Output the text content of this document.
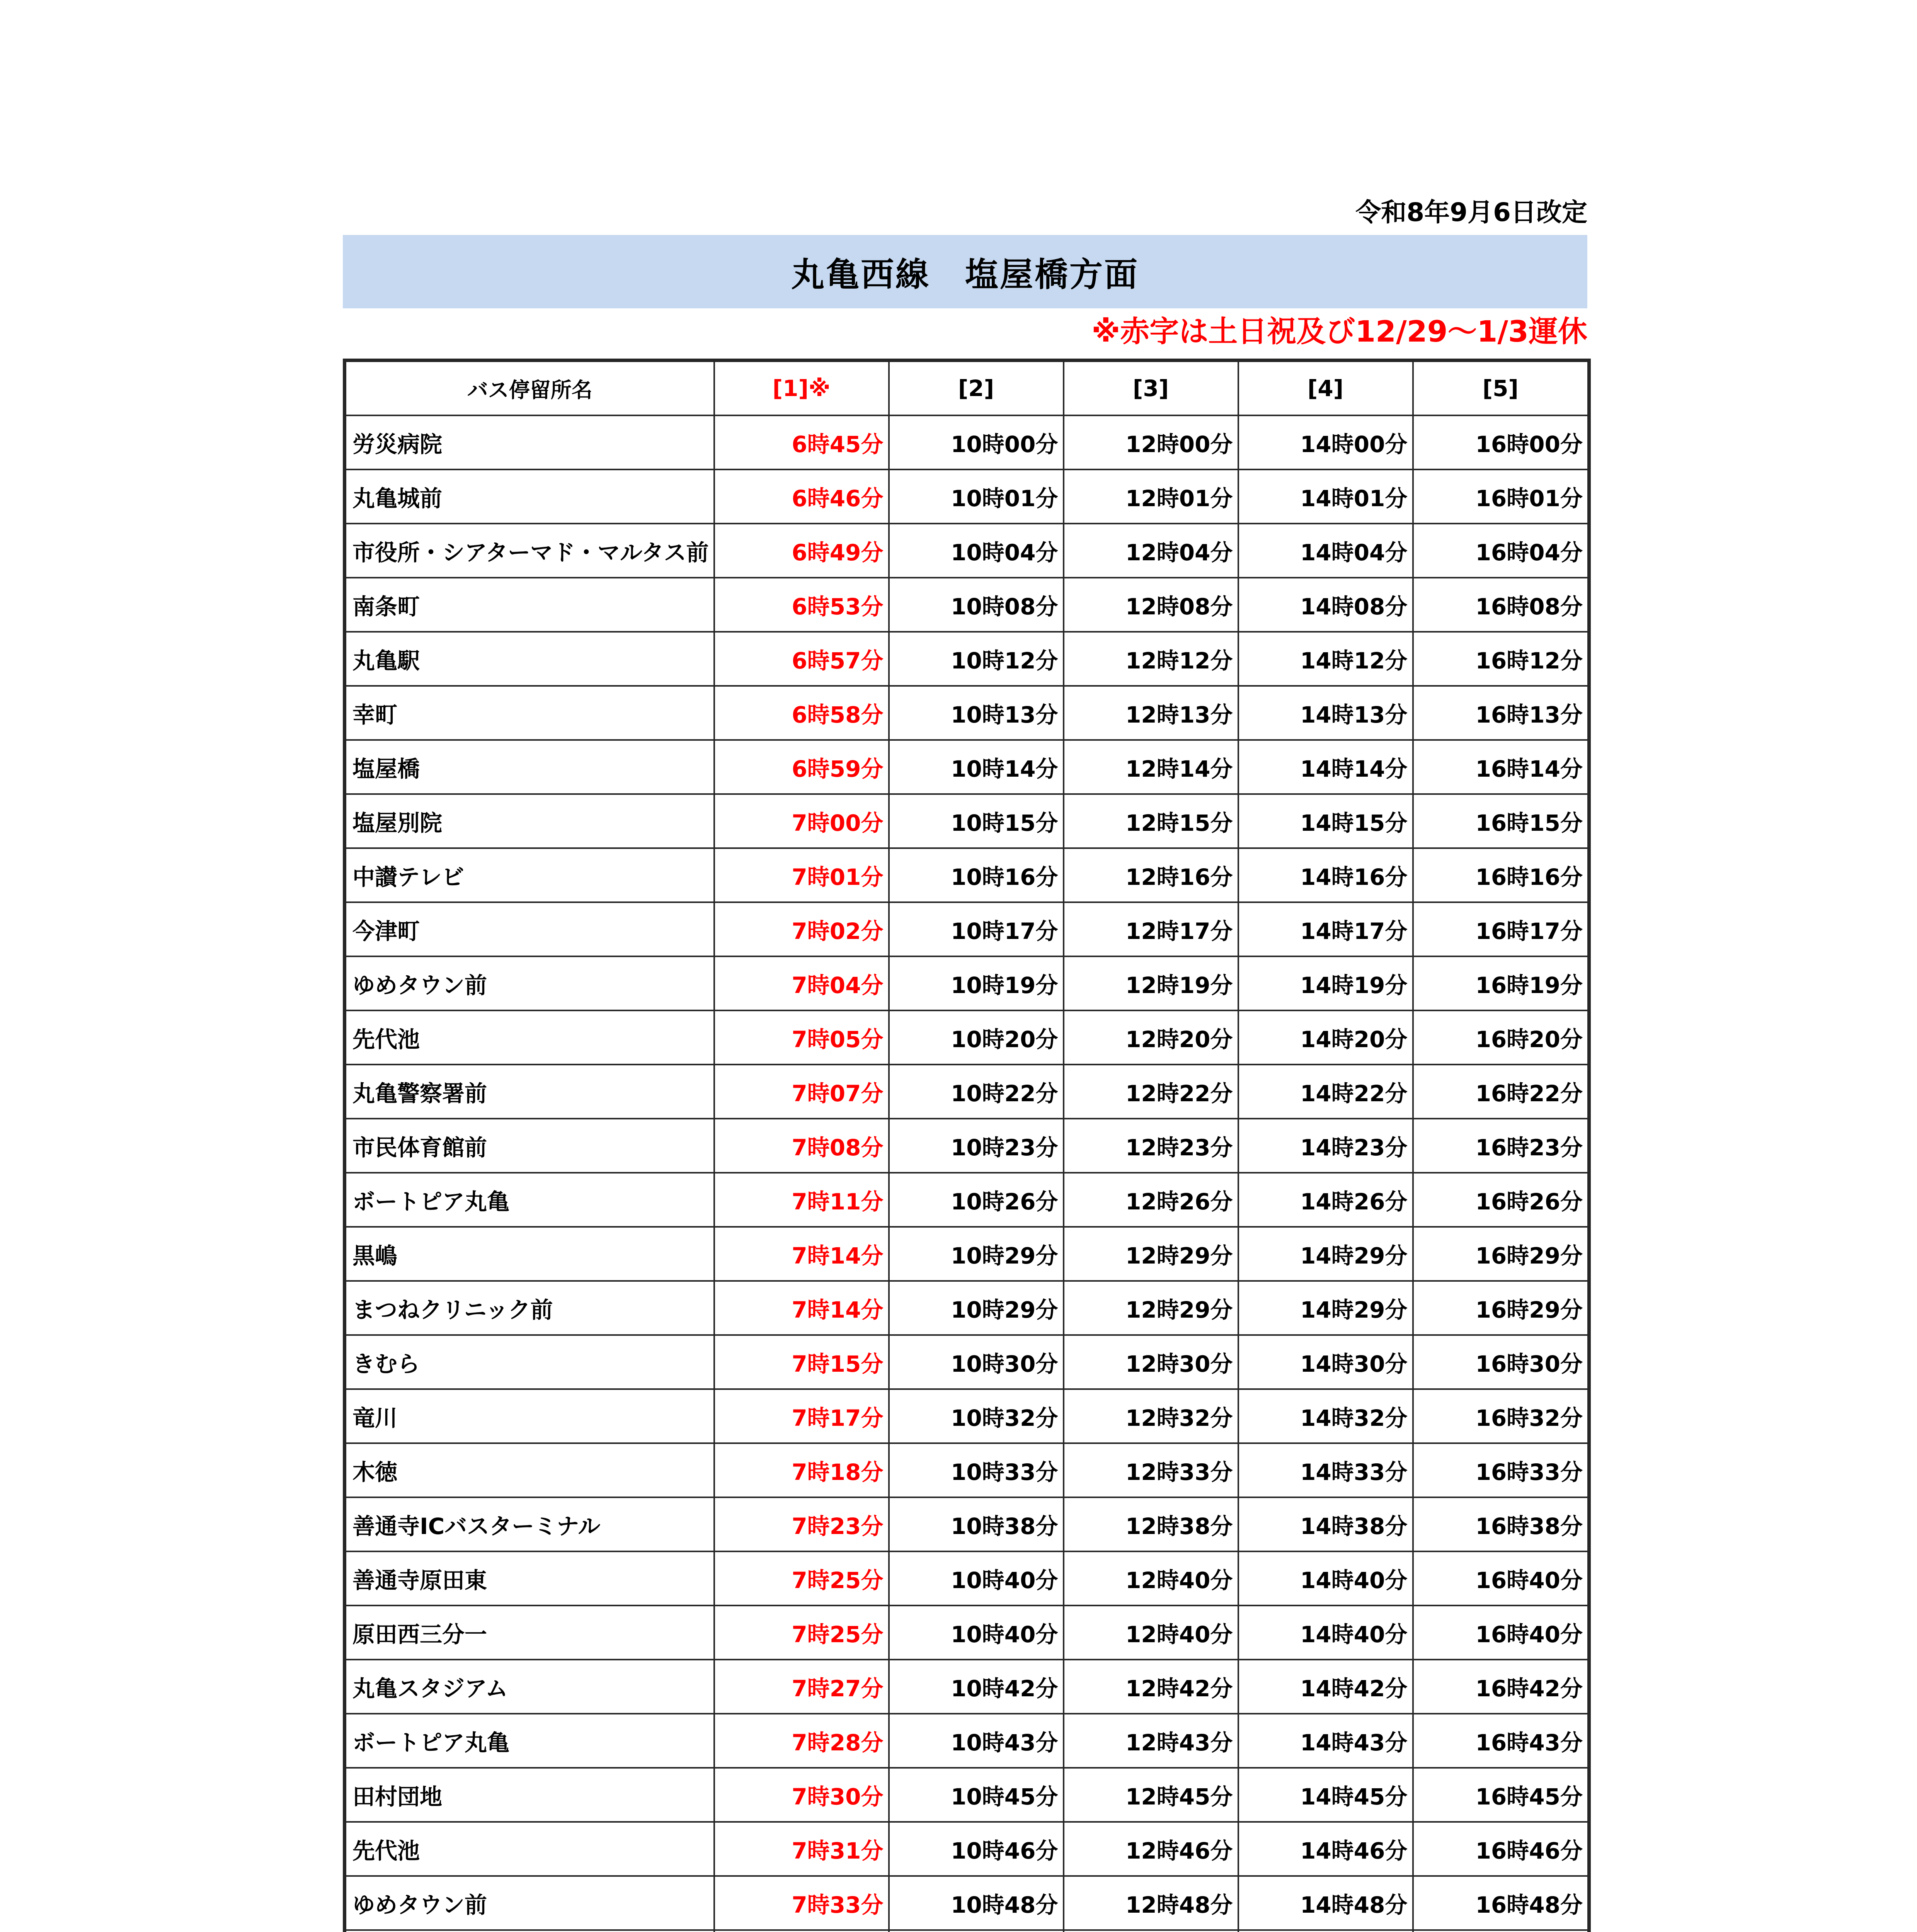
令和8年9月6日改定
丸亀西線　塩屋橋方面
※赤字は土日祝及び12/29～1/3運休
バス停留所名	[1]※	[2]	[3]	[4]	[5]
労災病院	6時45分	10時00分	12時00分	14時00分	16時00分
丸亀城前	6時46分	10時01分	12時01分	14時01分	16時01分
市役所・シアターマド・マルタス前	6時49分	10時04分	12時04分	14時04分	16時04分
南条町	6時53分	10時08分	12時08分	14時08分	16時08分
丸亀駅	6時57分	10時12分	12時12分	14時12分	16時12分
幸町	6時58分	10時13分	12時13分	14時13分	16時13分
塩屋橋	6時59分	10時14分	12時14分	14時14分	16時14分
塩屋別院	7時00分	10時15分	12時15分	14時15分	16時15分
中讃テレビ	7時01分	10時16分	12時16分	14時16分	16時16分
今津町	7時02分	10時17分	12時17分	14時17分	16時17分
ゆめタウン前	7時04分	10時19分	12時19分	14時19分	16時19分
先代池	7時05分	10時20分	12時20分	14時20分	16時20分
丸亀警察署前	7時07分	10時22分	12時22分	14時22分	16時22分
市民体育館前	7時08分	10時23分	12時23分	14時23分	16時23分
ボートピア丸亀	7時11分	10時26分	12時26分	14時26分	16時26分
黒嶋	7時14分	10時29分	12時29分	14時29分	16時29分
まつねクリニック前	7時14分	10時29分	12時29分	14時29分	16時29分
きむら	7時15分	10時30分	12時30分	14時30分	16時30分
竜川	7時17分	10時32分	12時32分	14時32分	16時32分
木徳	7時18分	10時33分	12時33分	14時33分	16時33分
善通寺ICバスターミナル	7時23分	10時38分	12時38分	14時38分	16時38分
善通寺原田東	7時25分	10時40分	12時40分	14時40分	16時40分
原田西三分一	7時25分	10時40分	12時40分	14時40分	16時40分
丸亀スタジアム	7時27分	10時42分	12時42分	14時42分	16時42分
ボートピア丸亀	7時28分	10時43分	12時43分	14時43分	16時43分
田村団地	7時30分	10時45分	12時45分	14時45分	16時45分
先代池	7時31分	10時46分	12時46分	14時46分	16時46分
ゆめタウン前	7時33分	10時48分	12時48分	14時48分	16時48分
